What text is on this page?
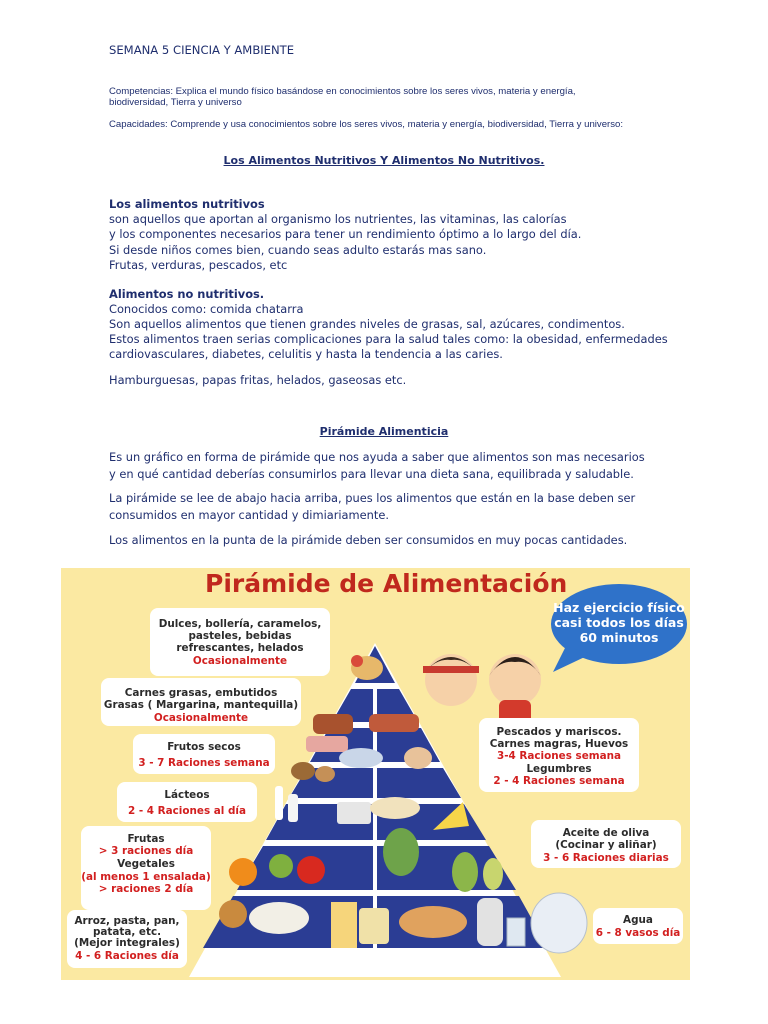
SEMANA 5 CIENCIA Y AMBIENTE
Competencias: Explica el mundo físico basándose en conocimientos sobre los seres vivos, materia y energía, biodiversidad, Tierra y universo
Capacidades: Comprende y usa conocimientos sobre los seres vivos, materia y energía, biodiversidad, Tierra y universo:
Los Alimentos Nutritivos Y Alimentos No Nutritivos.
Los alimentos nutritivos
son aquellos que aportan al organismo los nutrientes, las vitaminas, las calorías
y los componentes necesarios para tener un rendimiento óptimo a lo largo del día.
Si desde niños comes bien, cuando seas adulto estarás mas sano.
Frutas, verduras, pescados, etc
Alimentos no nutritivos.
Conocidos como: comida chatarra
Son aquellos alimentos que tienen grandes niveles de grasas, sal, azúcares, condimentos.
Estos alimentos traen serias complicaciones para la salud tales como: la obesidad, enfermedades
cardiovasculares, diabetes, celulitis y hasta la tendencia a las caries.
Hamburguesas, papas fritas, helados, gaseosas etc.
Pirámide Alimenticia
Es un gráfico en forma de pirámide que nos ayuda a saber que alimentos son mas necesarios y en qué cantidad deberías consumirlos para llevar una dieta sana, equilibrada y saludable.
La pirámide se lee de abajo hacia arriba, pues los alimentos que están en la base deben ser consumidos en mayor cantidad y dimiariamente.
Los alimentos en la punta de la pirámide deben ser consumidos en muy pocas cantidades.
Pirámide de Alimentación
Haz ejercicio físico
casi todos los días
60 minutos
Dulces, bollería, caramelos,
pasteles, bebidas
refrescantes, helados
Ocasionalmente
Carnes grasas, embutidos
Grasas ( Margarina, mantequilla)
Ocasionalmente
Frutos secos
3 - 7 Raciones semana
Lácteos
2 - 4 Raciones al día
Frutas
> 3 raciones día
Vegetales
(al menos 1 ensalada)
> raciones 2 día
Arroz, pasta, pan,
patata, etc.
(Mejor integrales)
4 - 6 Raciones día
Pescados y mariscos.
Carnes magras, Huevos
3-4 Raciones semana
Legumbres
2 - 4 Raciones semana
Aceite de oliva
(Cocinar y aliñar)
3 - 6 Raciones diarias
Agua
6 - 8 vasos día
